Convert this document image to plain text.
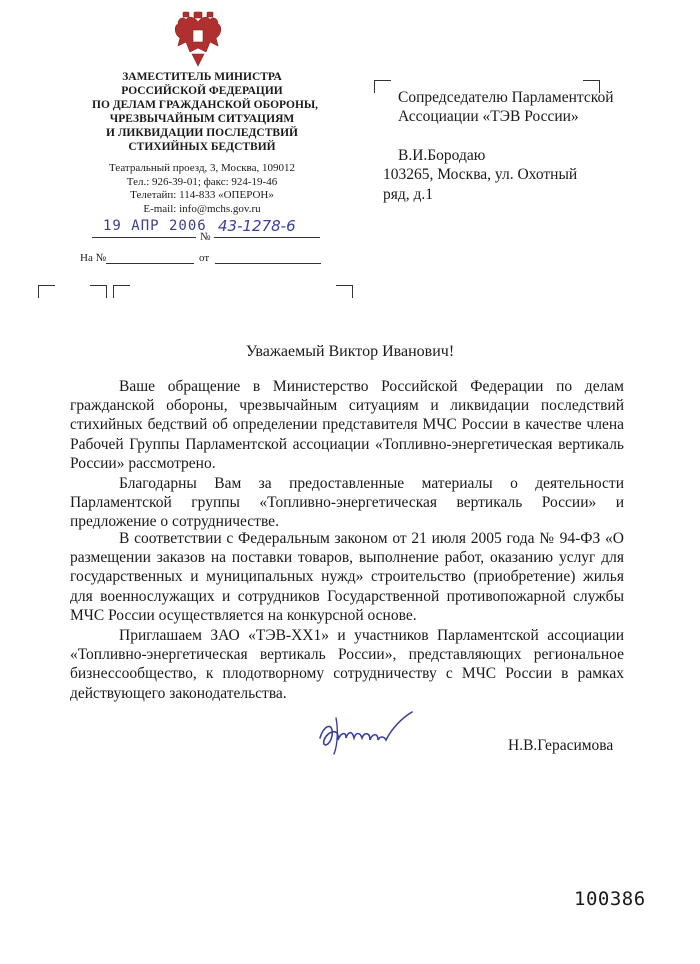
ЗАМЕСТИТЕЛЬ МИНИСТРА
РОССИЙСКОЙ ФЕДЕРАЦИИ
ПО ДЕЛАМ ГРАЖДАНСКОЙ ОБОРОНЫ,
ЧРЕЗВЫЧАЙНЫМ СИТУАЦИЯМ
И ЛИКВИДАЦИИ ПОСЛЕДСТВИЙ
СТИХИЙНЫХ БЕДСТВИЙ
Театральный проезд, 3, Москва, 109012
Тел.: 926-39-01; факс: 924-19-46
Телетайп: 114-833 «ОПЕРОН»
E-mail: info@mchs.gov.ru
19 АПР 2006
№
43-1278-6
На №	от
Сопредседателю Парламентской
Ассоциации «ТЭВ России»
В.И.Бородаю
103265, Москва, ул. Охотный
ряд, д.1
Уважаемый Виктор Иванович!
Ваше обращение в Министерство Российской Федерации по делам гражданской обороны, чрезвычайным ситуациям и ликвидации последствий стихийных бедствий об определении представителя МЧС России в качестве члена Рабочей Группы Парламентской ассоциации «Топливно-энергетическая вертикаль России» рассмотрено.
Благодарны Вам за предоставленные материалы о деятельности Парламентской группы «Топливно-энергетическая вертикаль России» и предложение о сотрудничестве.
В соответствии с Федеральным законом от 21 июля 2005 года № 94-ФЗ «О размещении заказов на поставки товаров, выполнение работ, оказанию услуг для государственных и муниципальных нужд» строительство (приобретение) жилья для военнослужащих и сотрудников Государственной противопожарной службы МЧС России осуществляется на конкурсной основе.
Приглашаем ЗАО «ТЭВ-XX1» и участников Парламентской ассоциации «Топливно-энергетическая вертикаль России», представляющих региональное бизнессообщество, к плодотворному сотрудничеству с МЧС России в рамках действующего законодательства.
Н.В.Герасимова
100386
